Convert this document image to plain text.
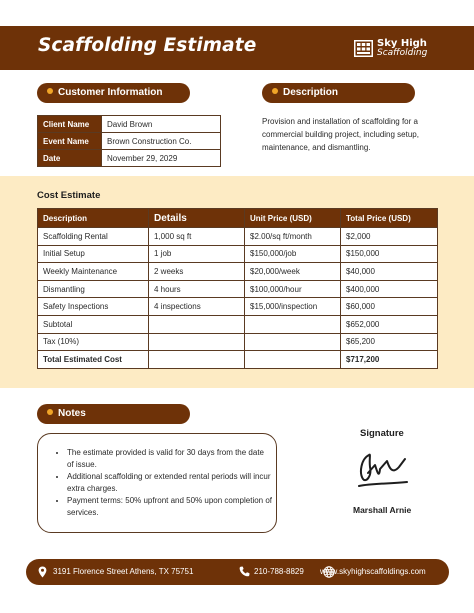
Scaffolding Estimate	Sky High
Scaffolding
Customer Information
Client Name	David Brown
Event Name	Brown Construction Co.
Date	November 29, 2029
Description
Provision and installation of scaffolding for a commercial building project, including setup, maintenance, and dismantling.
Cost Estimate
Description	Details	Unit Price (USD)	Total Price (USD)
Scaffolding Rental	1,000 sq ft	$2.00/sq ft/month	$2,000
Initial Setup	1 job	$150,000/job	$150,000
Weekly Maintenance	2 weeks	$20,000/week	$40,000
Dismantling	4 hours	$100,000/hour	$400,000
Safety Inspections	4 inspections	$15,000/inspection	$60,000
Subtotal			$652,000
Tax (10%)			$65,200
Total Estimated Cost			$717,200
Notes
• The estimate provided is valid for 30 days from the date of issue.
• Additional scaffolding or extended rental periods will incur extra charges.
• Payment terms: 50% upfront and 50% upon completion of services.
Signature
Marshall Arnie
3191 Florence Street Athens, TX 75751	210-788-8829 www.skyhighscaffoldings.com
